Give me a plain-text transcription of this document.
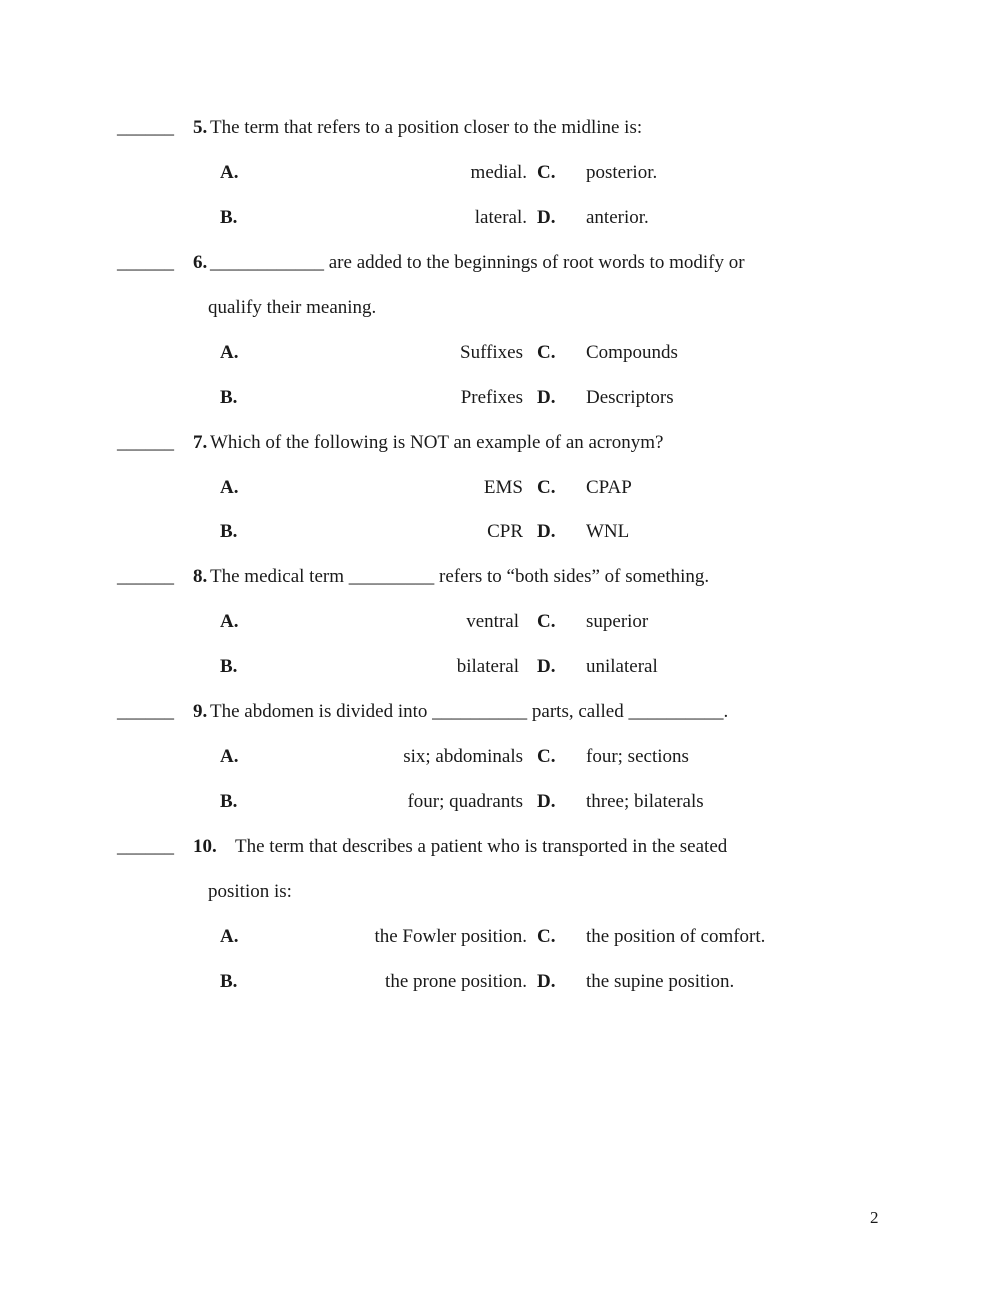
______ 5. The term that refers to a position closer to the midline is:
A.	medial. C. posterior.
B.	lateral. D. anterior.
______ 6. ____________ are added to the beginnings of root words to modify or
qualify their meaning.
A.	Suffixes C. Compounds
B.	Prefixes D. Descriptors
______ 7. Which of the following is NOT an example of an acronym?
A.	EMS C. CPAP
B.	CPR D. WNL
______ 8. The medical term _________ refers to “both sides” of something.
A.	ventral C. superior
B.	bilateral D. unilateral
______ 9. The abdomen is divided into __________ parts, called __________.
A.	six; abdominals C. four; sections
B.	four; quadrants D. three; bilaterals
______ 10. The term that describes a patient who is transported in the seated
position is:
A.	the Fowler position. C. the position of comfort.
B.	the prone position. D. the supine position.
2
